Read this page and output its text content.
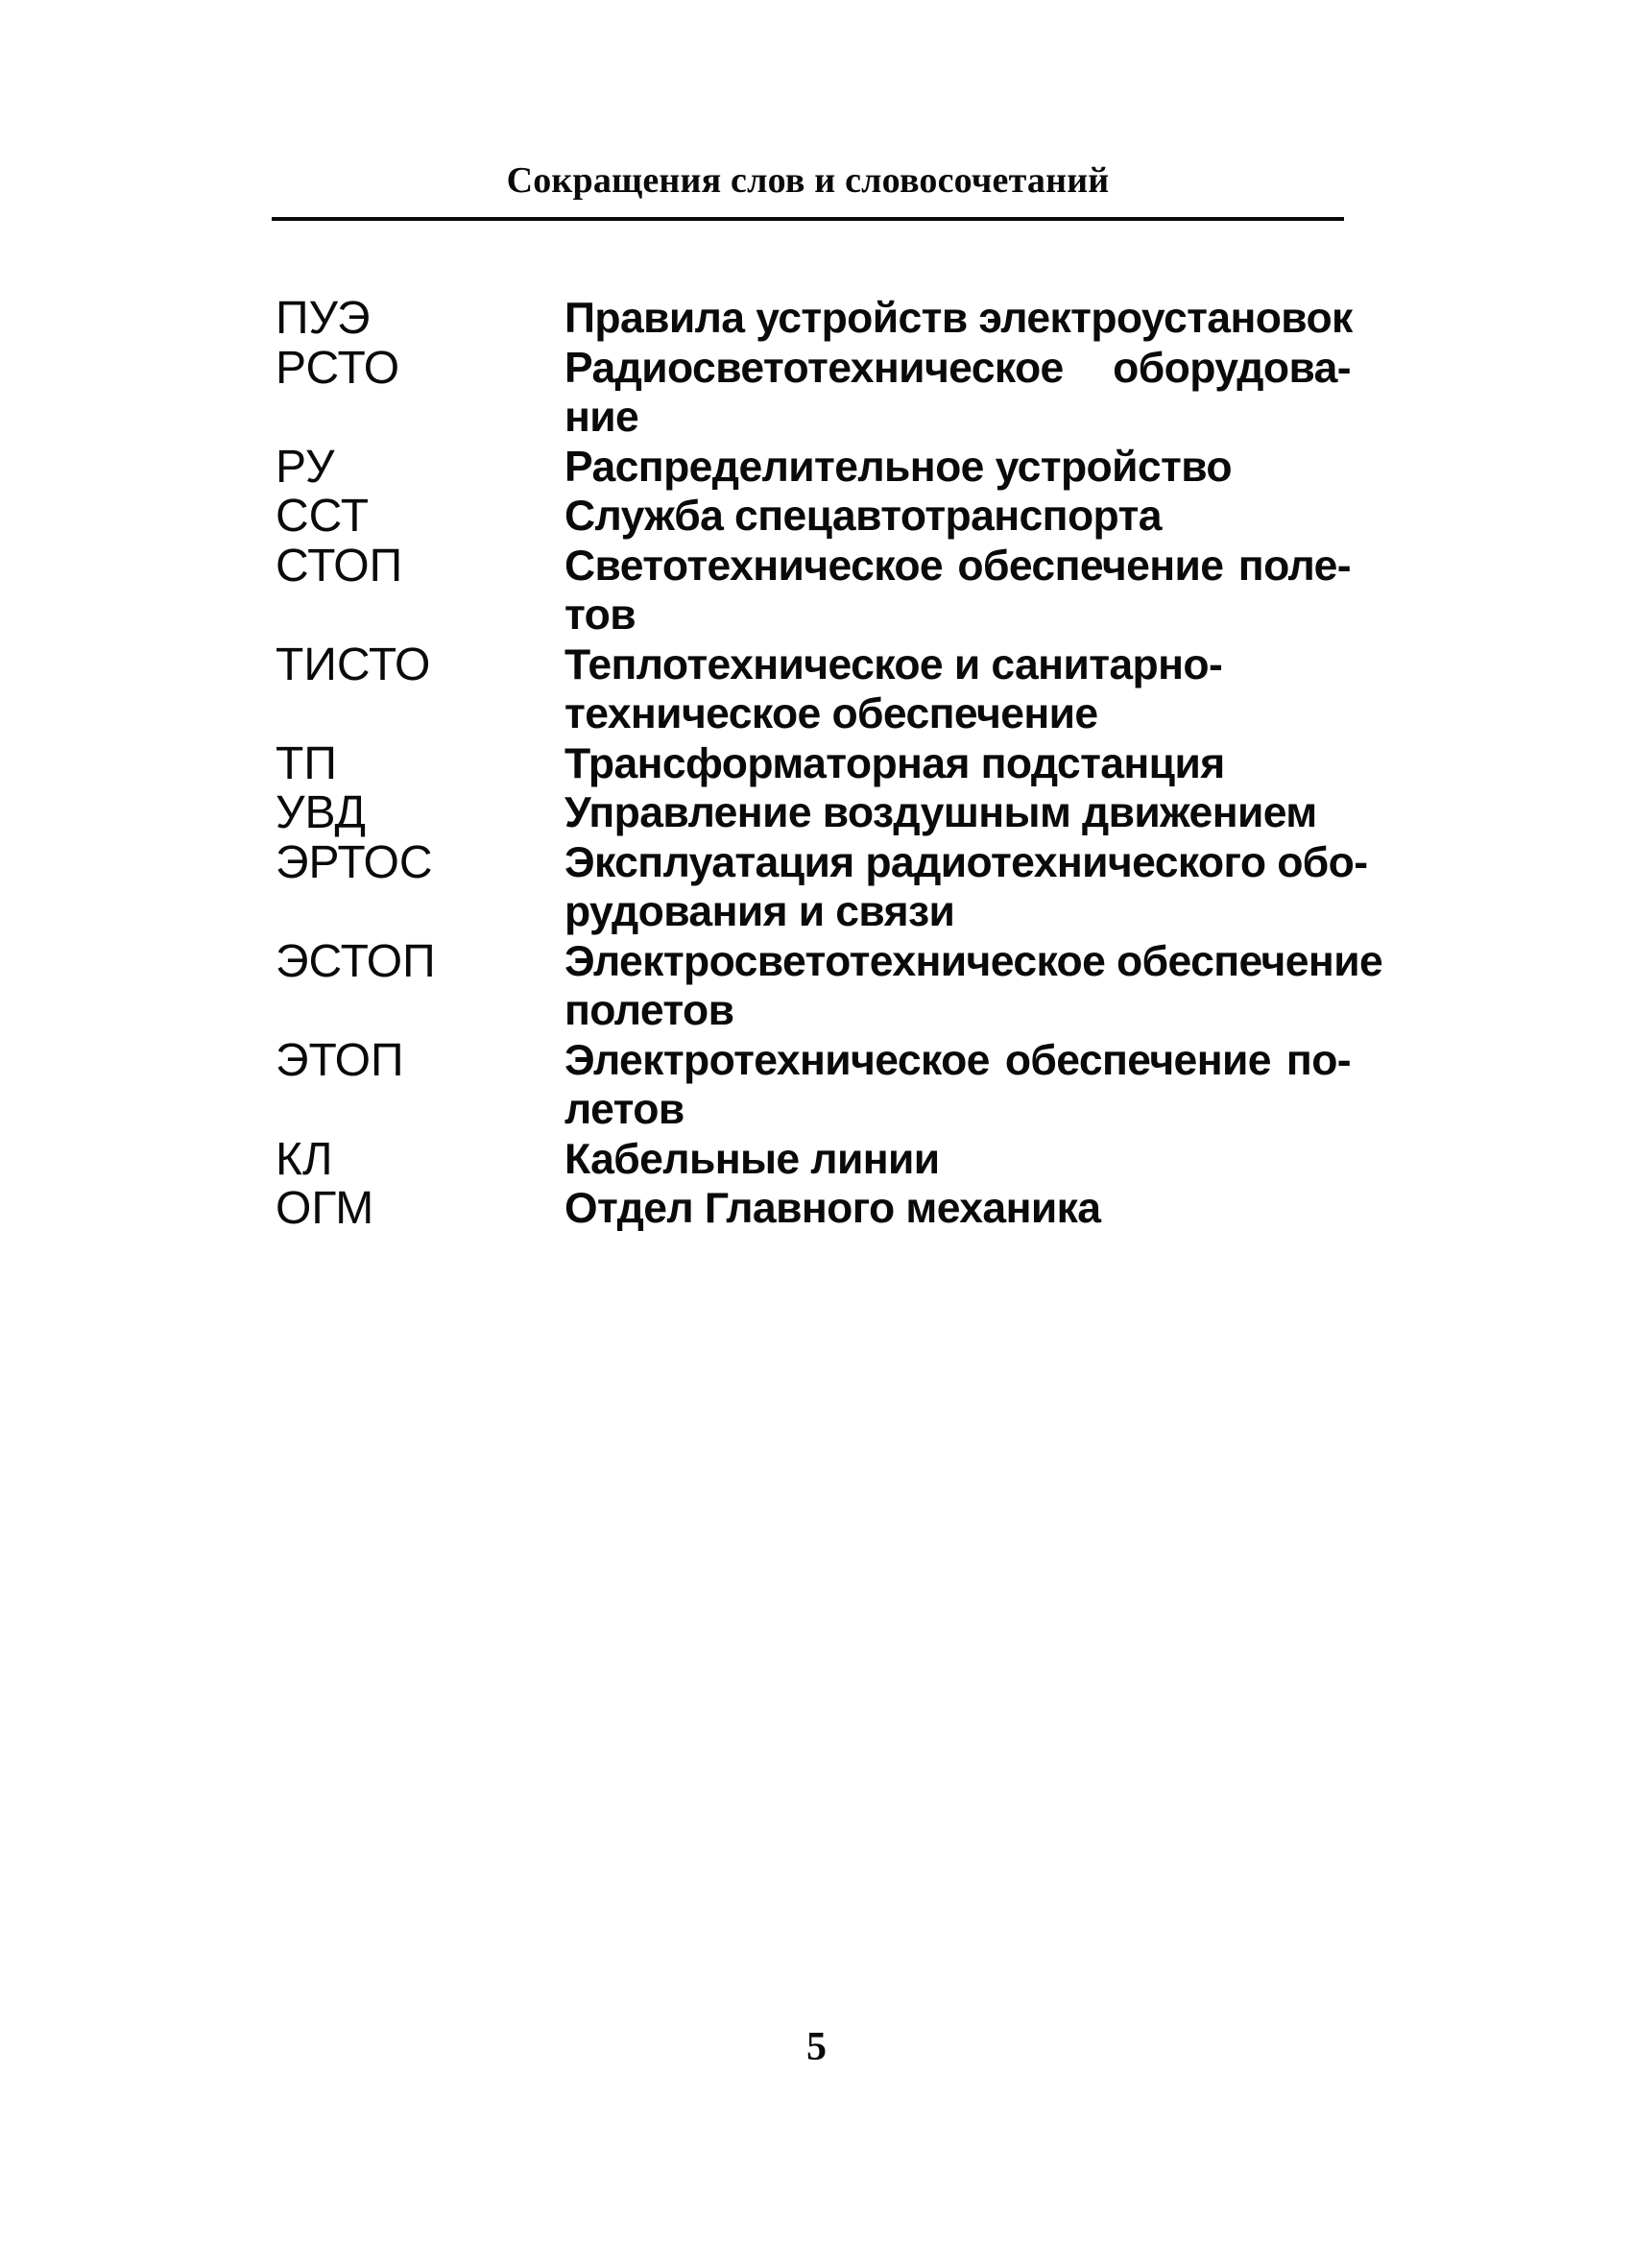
Сокращения слов и словосочетаний
ПУЭ	Правила устройств электроустановок
РСТО	Радиосветотехническое оборудова-
ние
РУ	Распределительное устройство
ССТ	Служба спецавтотранспорта
СТОП	Светотехническое обеспечение поле-
тов
ТИСТО	Теплотехническое и санитарно-
техническое обеспечение
ТП	Трансформаторная подстанция
УВД	Управление воздушным движением
ЭРТОС	Эксплуатация радиотехнического обо-
рудования и связи
ЭСТОП	Электросветотехническое обеспечение
полетов
ЭТОП	Электротехническое обеспечение по-
летов
КЛ	Кабельные линии
ОГМ	Отдел Главного механика
5
